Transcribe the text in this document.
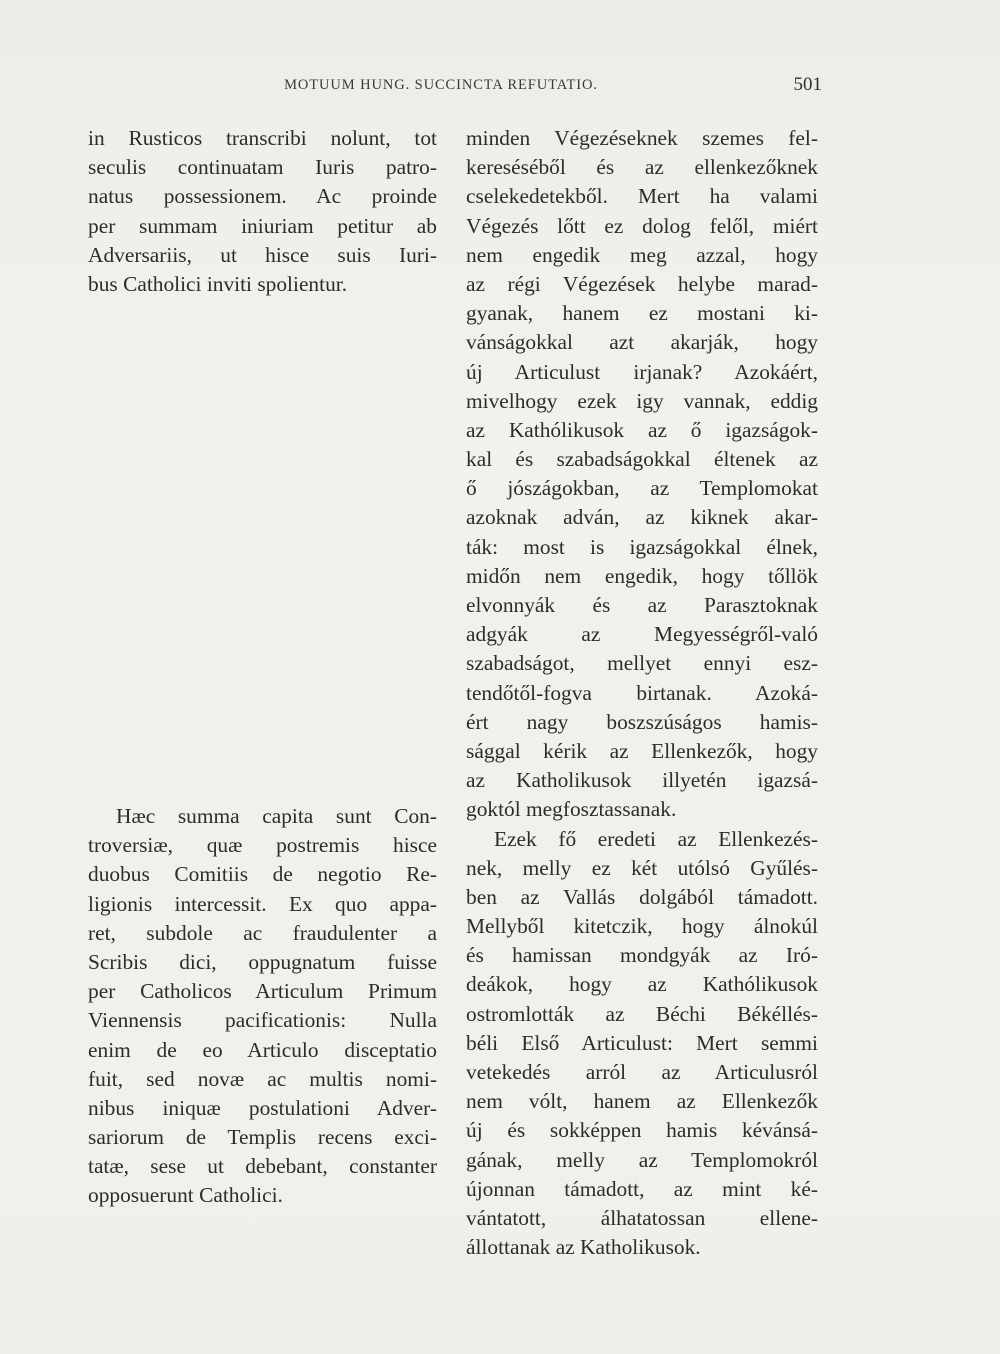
MOTUUM HUNG. SUCCINCTA REFUTATIO.	501

in Rusticos transcribi nolunt, tot
seculis continuatam Iuris patro-
natus possessionem. Ac proinde
per summam iniuriam petitur ab
Adversariis, ut hisce suis Iuri-
bus Catholici inviti spolientur.

Hæc summa capita sunt Con-
troversiæ, quæ postremis hisce
duobus Comitiis de negotio Re-
ligionis intercessit. Ex quo appa-
ret, subdole ac fraudulenter a
Scribis dici, oppugnatum fuisse
per Catholicos Articulum Primum
Viennensis pacificationis: Nulla
enim de eo Articulo disceptatio
fuit, sed novæ ac multis nomi-
nibus iniquæ postulationi Adver-
sariorum de Templis recens exci-
tatæ, sese ut debebant, constanter
opposuerunt Catholici.

minden Végezéseknek szemes fel-
kereséséből és az ellenkezőknek
cselekedetekből. Mert ha valami
Végezés lőtt ez dolog felől, miért
nem engedik meg azzal, hogy
az régi Végezések helybe marad-
gyanak, hanem ez mostani ki-
vánságokkal azt akarják, hogy
új Articulust irjanak? Azokáért,
mivelhogy ezek igy vannak, eddig
az Kathólikusok az ő igazságok-
kal és szabadságokkal éltenek az
ő jószágokban, az Templomokat
azoknak adván, az kiknek akar-
ták: most is igazságokkal élnek,
midőn nem engedik, hogy tőllök
elvonnyák és az Parasztoknak
adgyák az Megyességről-való
szabadságot, mellyet ennyi esz-
tendőtől-fogva birtanak. Azoká-
ért nagy boszszúságos hamis-
sággal kérik az Ellenkezők, hogy
az Katholikusok illyetén igazsá-
goktól megfosztassanak.

Ezek fő eredeti az Ellenkezés-
nek, melly ez két utólsó Gyűlés-
ben az Vallás dolgából támadott.
Mellyből kitetczik, hogy álnokúl
és hamissan mondgyák az Iró-
deákok, hogy az Kathólikusok
ostromlották az Béchi Békéllés-
béli Első Articulust: Mert semmi
vetekedés arról az Articulusról
nem vólt, hanem az Ellenkezők
új és sokképpen hamis kévánsá-
gának, melly az Templomokról
újonnan támadott, az mint ké-
vántatott, álhatatossan ellene-
állottanak az Katholikusok.
